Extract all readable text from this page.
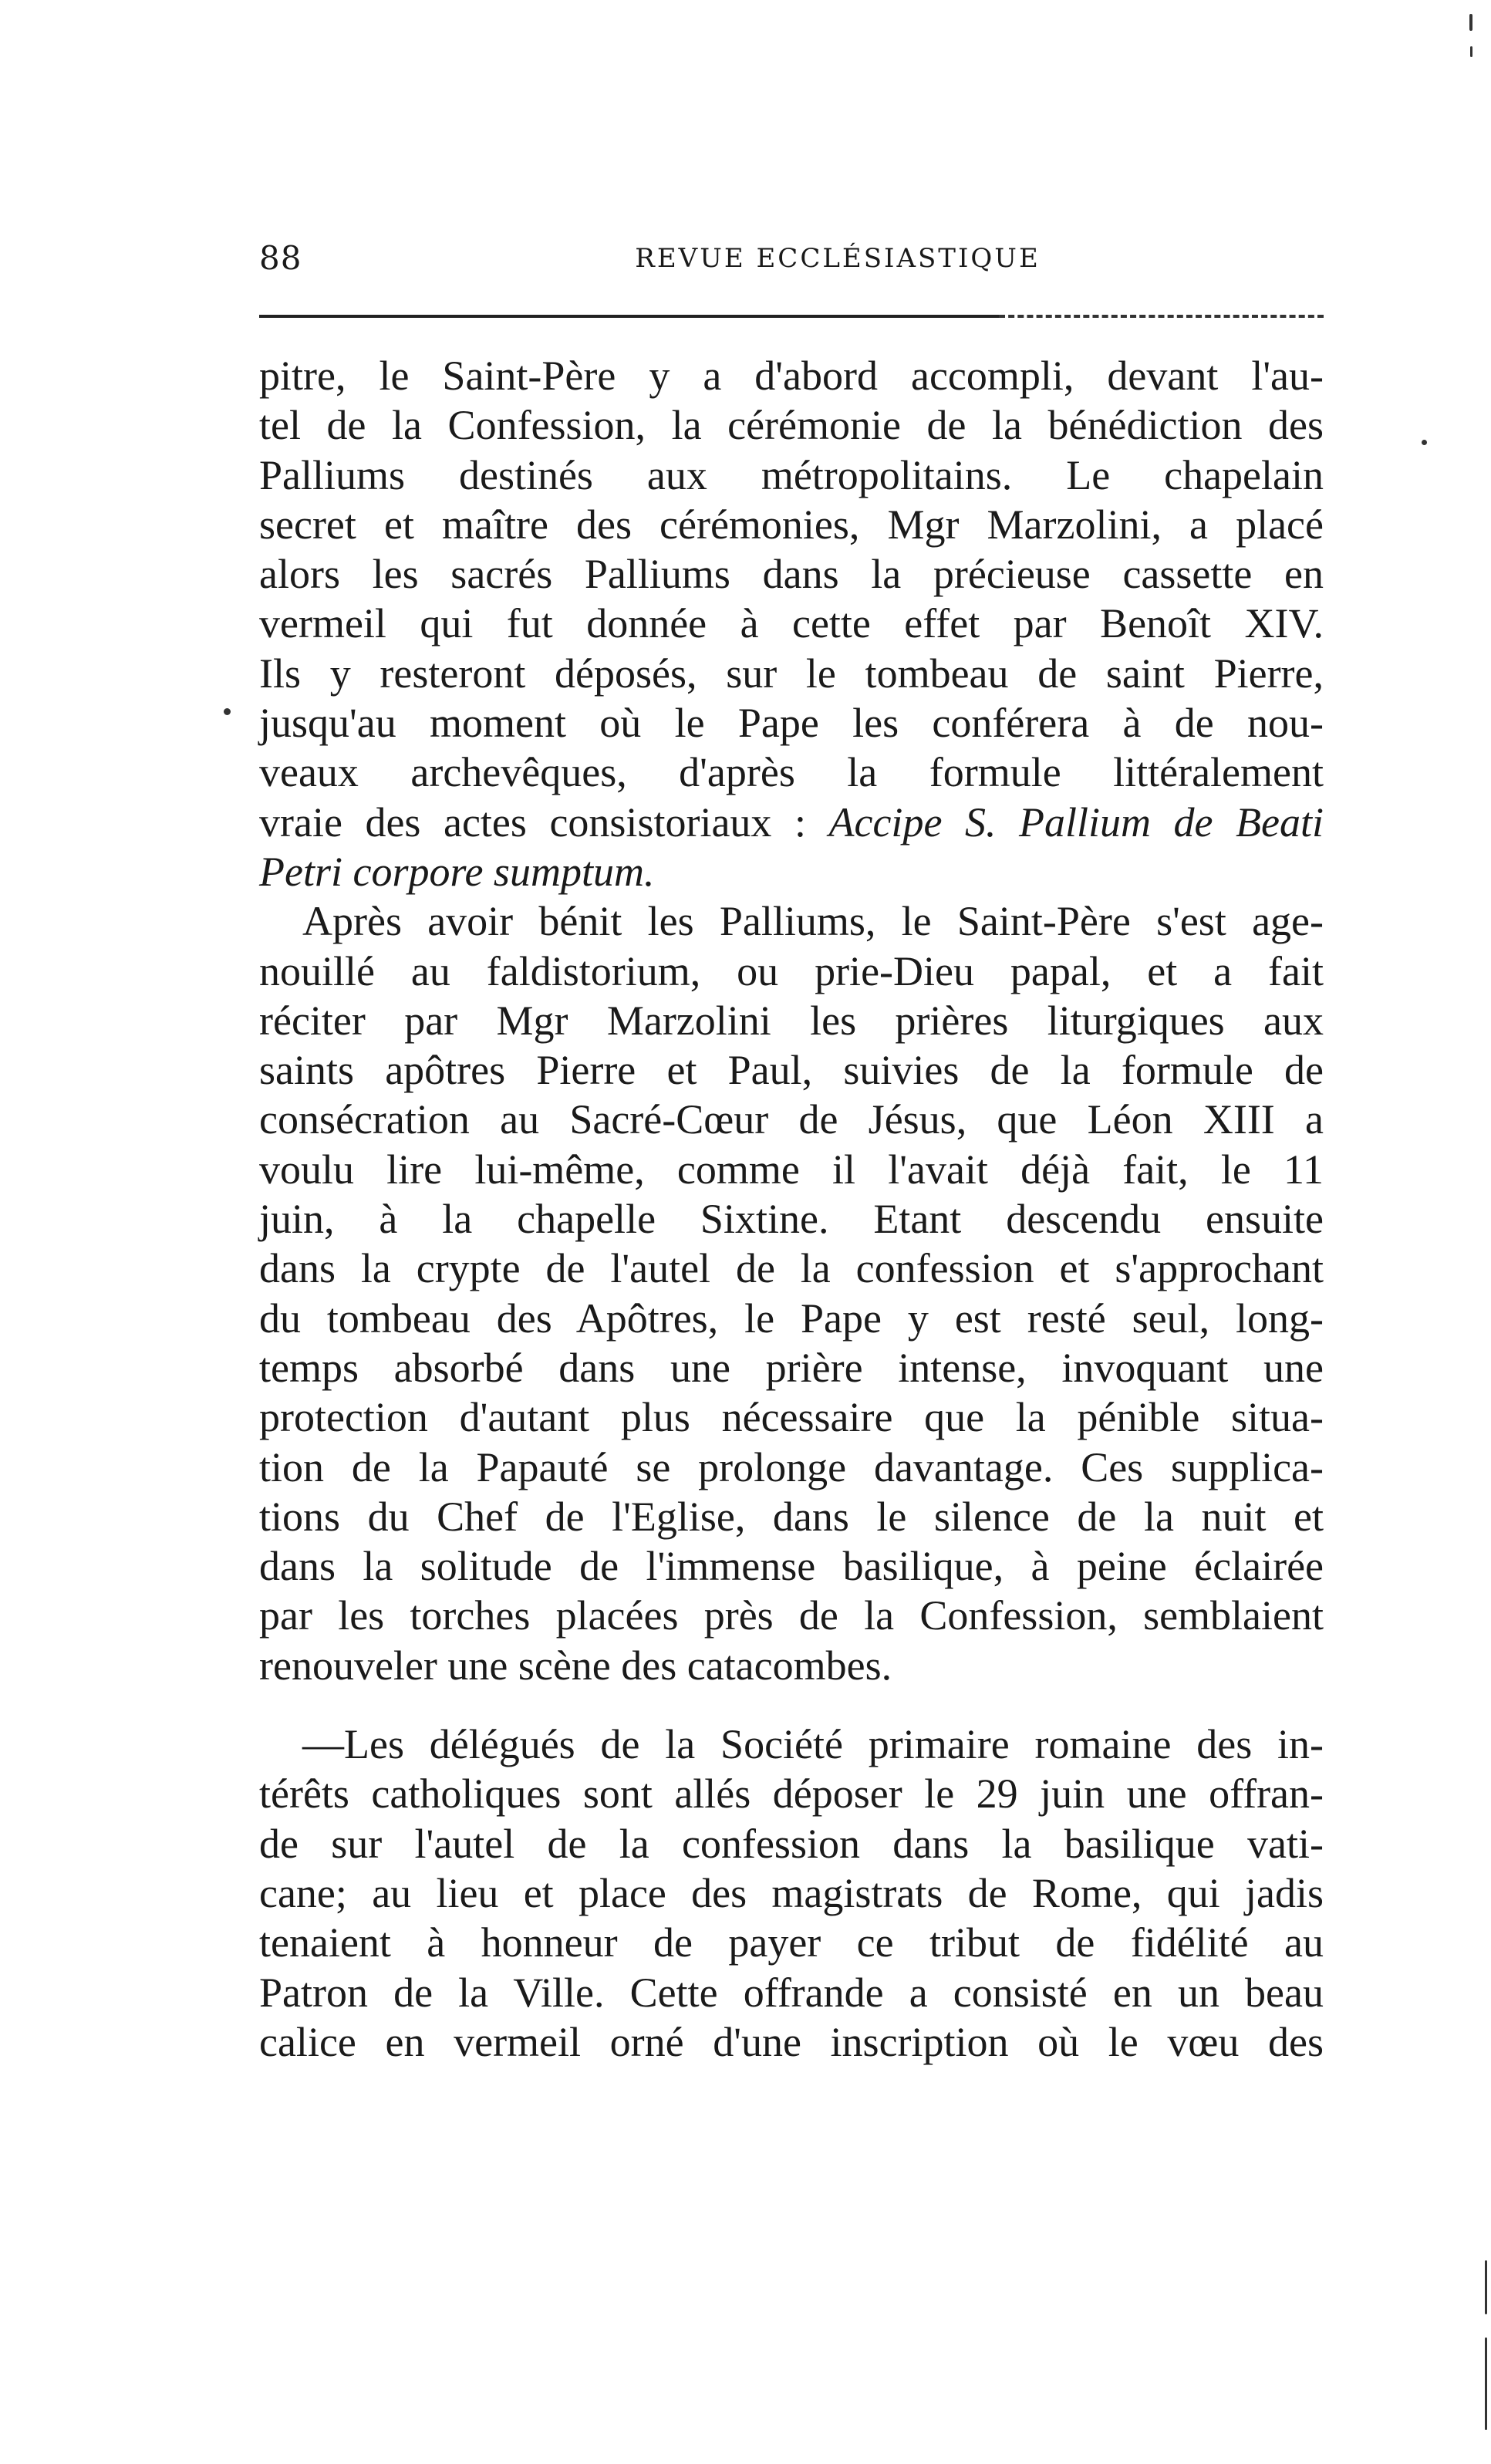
88	REVUE ECCLÉSIASTIQUE
pitre, le Saint-Père y a d'abord accompli, devant l'au-
tel de la Confession, la cérémonie de la bénédiction des
Palliums destinés aux métropolitains. Le chapelain
secret et maître des cérémonies, Mgr Marzolini, a placé
alors les sacrés Palliums dans la précieuse cassette en
vermeil qui fut donnée à cette effet par Benoît XIV.
Ils y resteront déposés, sur le tombeau de saint Pierre,
jusqu'au moment où le Pape les conférera à de nou-
veaux archevêques, d'après la formule littéralement
vraie des actes consistoriaux : Accipe S. Pallium de Beati
Petri corpore sumptum.
Après avoir bénit les Palliums, le Saint-Père s'est age-
nouillé au faldistorium, ou prie-Dieu papal, et a fait
réciter par Mgr Marzolini les prières liturgiques aux
saints apôtres Pierre et Paul, suivies de la formule de
consécration au Sacré-Cœur de Jésus, que Léon XIII a
voulu lire lui-même, comme il l'avait déjà fait, le 11
juin, à la chapelle Sixtine. Etant descendu ensuite
dans la crypte de l'autel de la confession et s'approchant
du tombeau des Apôtres, le Pape y est resté seul, long-
temps absorbé dans une prière intense, invoquant une
protection d'autant plus nécessaire que la pénible situa-
tion de la Papauté se prolonge davantage. Ces supplica-
tions du Chef de l'Eglise, dans le silence de la nuit et
dans la solitude de l'immense basilique, à peine éclairée
par les torches placées près de la Confession, semblaient
renouveler une scène des catacombes.
—Les délégués de la Société primaire romaine des in-
térêts catholiques sont allés déposer le 29 juin une offran-
de sur l'autel de la confession dans la basilique vati-
cane; au lieu et place des magistrats de Rome, qui jadis
tenaient à honneur de payer ce tribut de fidélité au
Patron de la Ville. Cette offrande a consisté en un beau
calice en vermeil orné d'une inscription où le vœu des
